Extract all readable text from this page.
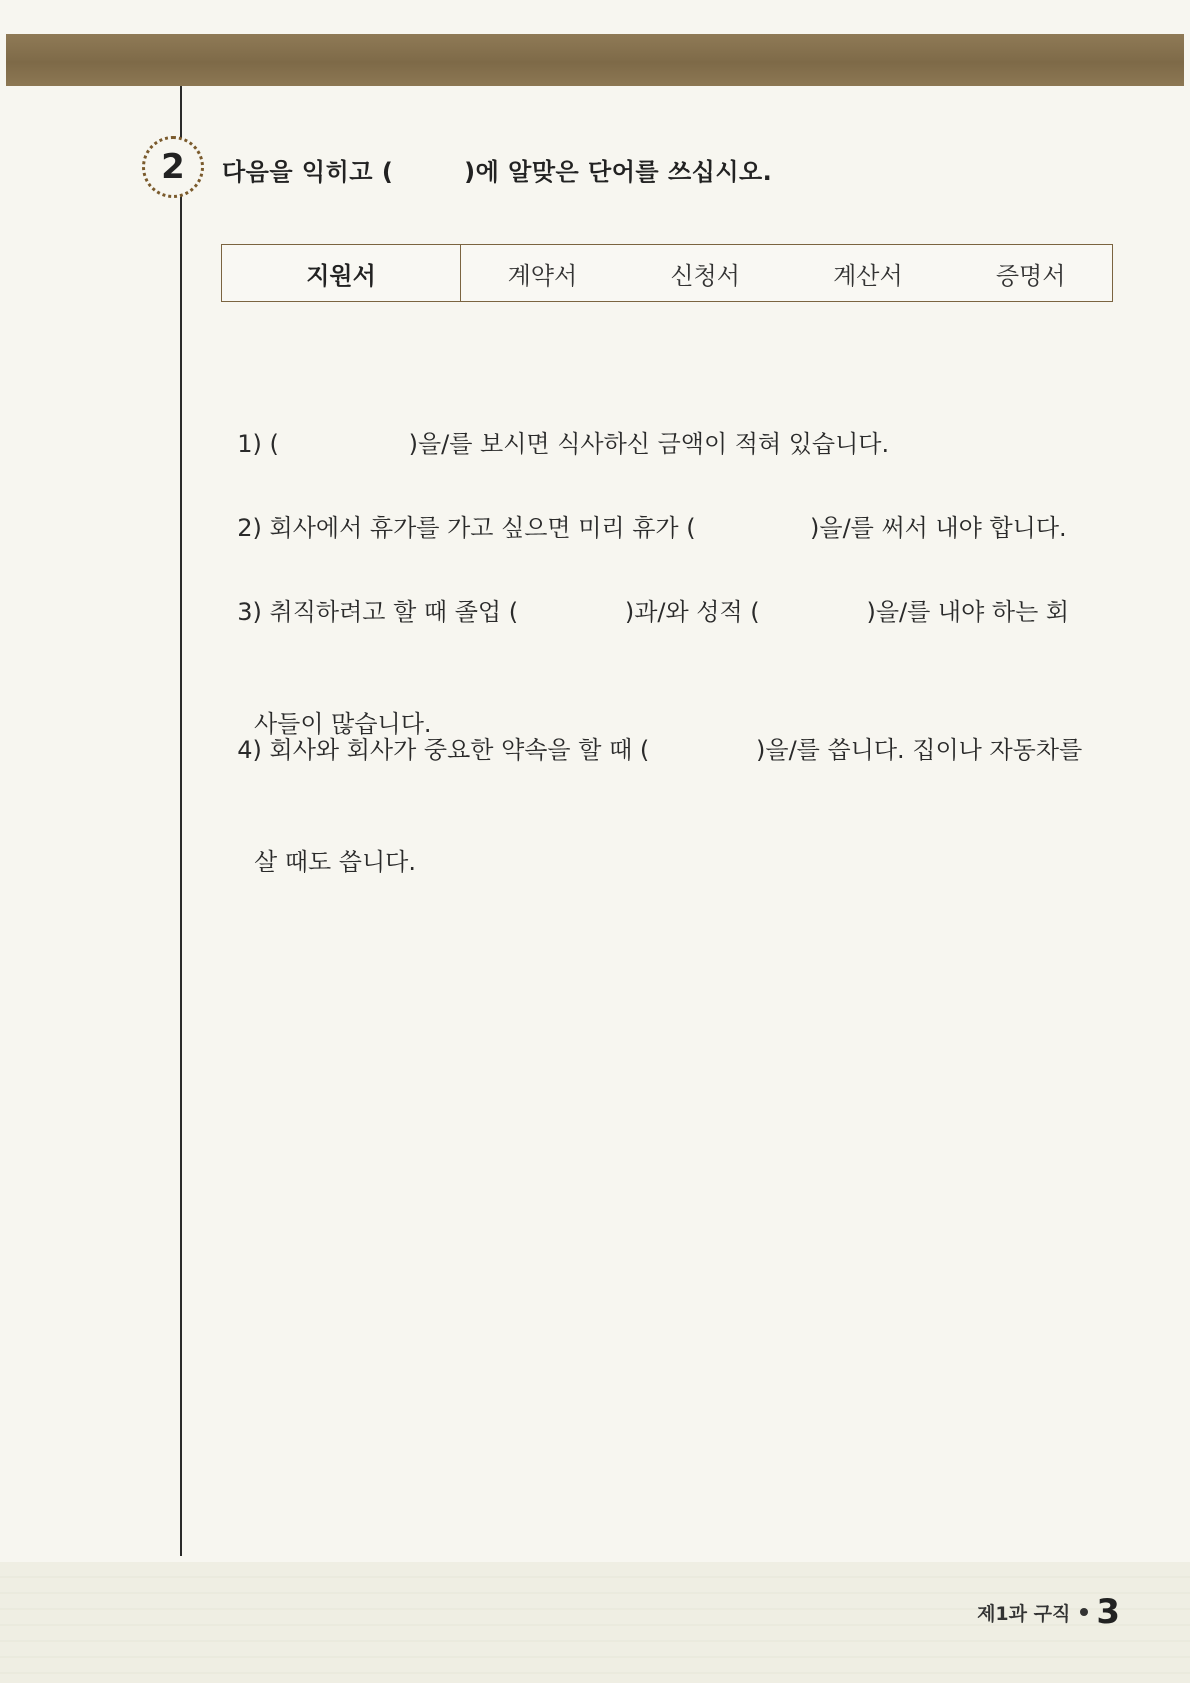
2 다음을 익히고 (        )에 알맞은 단어를 쓰십시오.
지원서	계약서	신청서	계산서	증명서

1) (                 )을/를 보시면 식사하신 금액이 적혀 있습니다.

2) 회사에서 휴가를 가고 싶으면 미리 휴가 (               )을/를 써서 내야 합니다.

3) 취직하려고 할 때 졸업 (              )과/와 성적 (              )을/를 내야 하는 회

사들이 많습니다.

4) 회사와 회사가 중요한 약속을 할 때 (              )을/를 씁니다. 집이나 자동차를

살 때도 씁니다.

제1과 구직 3
